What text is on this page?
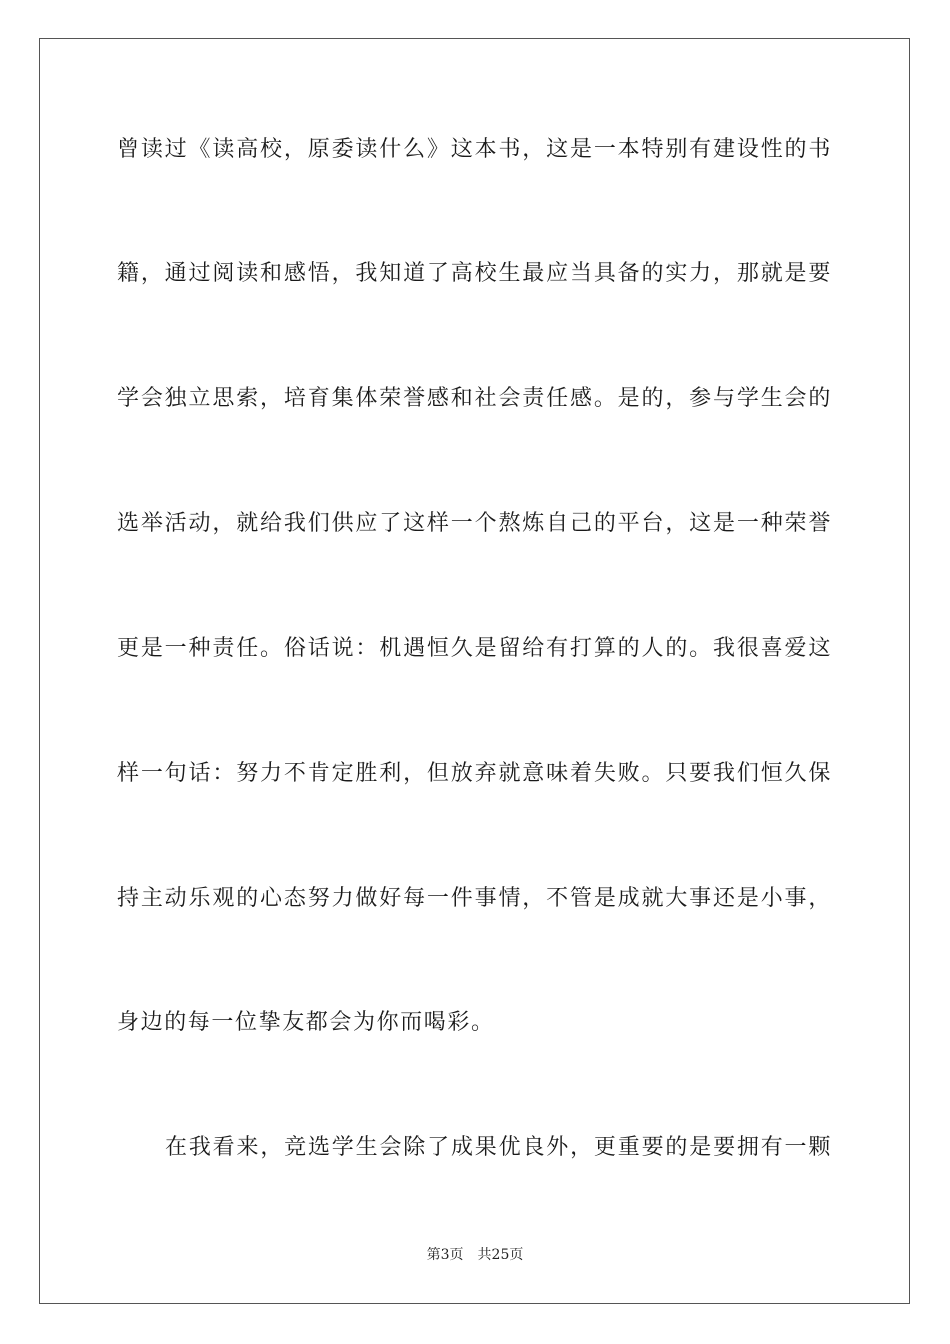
曾读过《读高校，原委读什么》这本书，这是一本特别有建设性的书
籍，通过阅读和感悟，我知道了高校生最应当具备的实力，那就是要
学会独立思索，培育集体荣誉感和社会责任感。是的，参与学生会的
选举活动，就给我们供应了这样一个熬炼自己的平台，这是一种荣誉
更是一种责任。俗话说：机遇恒久是留给有打算的人的。我很喜爱这
样一句话：努力不肯定胜利，但放弃就意味着失败。只要我们恒久保
持主动乐观的心态努力做好每一件事情，不管是成就大事还是小事，
身边的每一位挚友都会为你而喝彩。
在我看来，竞选学生会除了成果优良外，更重要的是要拥有一颗
第3页 共25页
